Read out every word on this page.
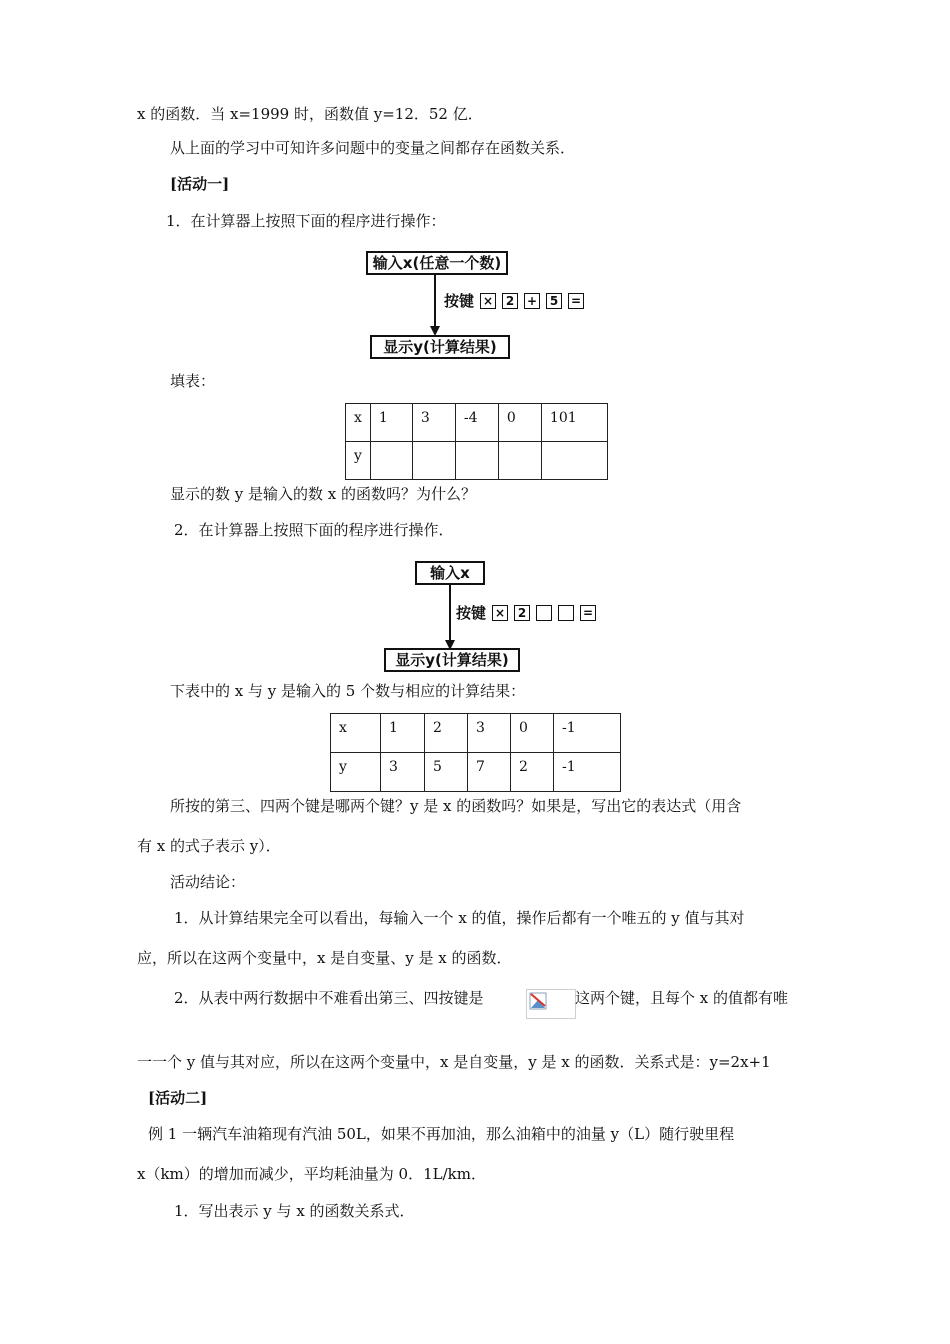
x 的函数．当 x=1999 时，函数值 y=12．52 亿．
从上面的学习中可知许多问题中的变量之间都存在函数关系．
[活动一]
1．在计算器上按照下面的程序进行操作：
输入x(任意一个数)
按键 ×	2	+	5	=
显示y(计算结果)
填表：
x	1	3	-4	0	101
y					
显示的数 y 是输入的数 x 的函数吗？为什么？
2．在计算器上按照下面的程序进行操作．
输入x
按键 ×	2	=
显示y(计算结果)
下表中的 x 与 y 是输入的 5 个数与相应的计算结果：
x	1	2	3	0	-1
y	3	5	7	2	-1
所按的第三、四两个键是哪两个键？y 是 x 的函数吗？如果是，写出它的表达式（用含
有 x 的式子表示 y）．
活动结论：
1．从计算结果完全可以看出，每输入一个 x 的值，操作后都有一个唯五的 y 值与其对
应，所以在这两个变量中，x 是自变量、y 是 x 的函数．
2．从表中两行数据中不难看出第三、四按键是	这两个键，且每个 x 的值都有唯
一一个 y 值与其对应，所以在这两个变量中，x 是自变量，y 是 x 的函数．关系式是：y=2x+1
[活动二]
例 1 一辆汽车油箱现有汽油 50L，如果不再加油，那么油箱中的油量 y（L）随行驶里程
x（km）的增加而减少，平均耗油量为 0．1L/km．
1．写出表示 y 与 x 的函数关系式．
